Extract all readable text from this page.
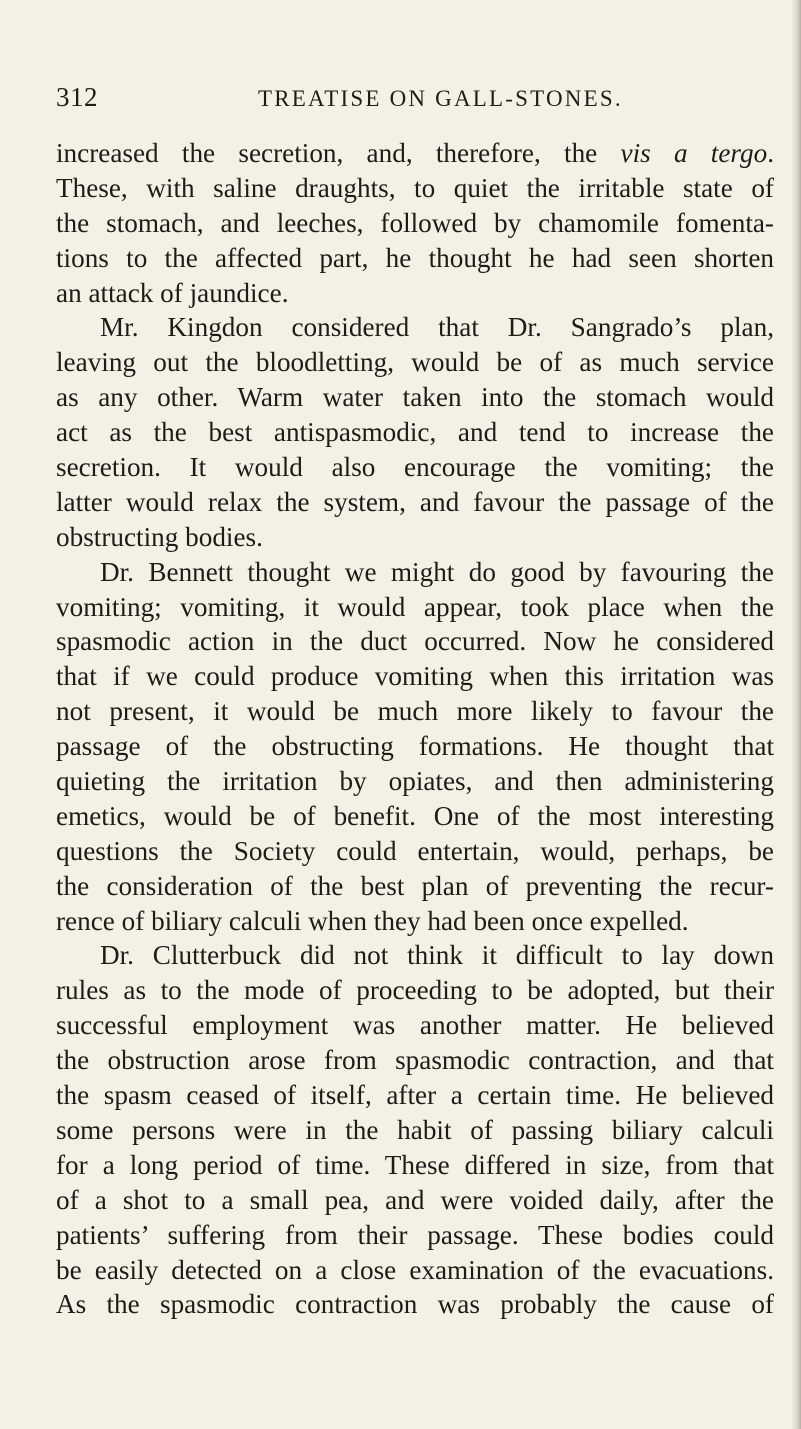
312	TREATISE ON GALL-STONES.
increased the secretion, and, therefore, the vis a tergo.
These, with saline draughts, to quiet the irritable state of
the stomach, and leeches, followed by chamomile fomenta-
tions to the affected part, he thought he had seen shorten
an attack of jaundice.
Mr. Kingdon considered that Dr. Sangrado’s plan,
leaving out the bloodletting, would be of as much service
as any other. Warm water taken into the stomach would
act as the best antispasmodic, and tend to increase the
secretion. It would also encourage the vomiting; the
latter would relax the system, and favour the passage of the
obstructing bodies.
Dr. Bennett thought we might do good by favouring the
vomiting; vomiting, it would appear, took place when the
spasmodic action in the duct occurred. Now he considered
that if we could produce vomiting when this irritation was
not present, it would be much more likely to favour the
passage of the obstructing formations. He thought that
quieting the irritation by opiates, and then administering
emetics, would be of benefit. One of the most interesting
questions the Society could entertain, would, perhaps, be
the consideration of the best plan of preventing the recur-
rence of biliary calculi when they had been once expelled.
Dr. Clutterbuck did not think it difficult to lay down
rules as to the mode of proceeding to be adopted, but their
successful employment was another matter. He believed
the obstruction arose from spasmodic contraction, and that
the spasm ceased of itself, after a certain time. He believed
some persons were in the habit of passing biliary calculi
for a long period of time. These differed in size, from that
of a shot to a small pea, and were voided daily, after the
patients’ suffering from their passage. These bodies could
be easily detected on a close examination of the evacuations.
As the spasmodic contraction was probably the cause of
